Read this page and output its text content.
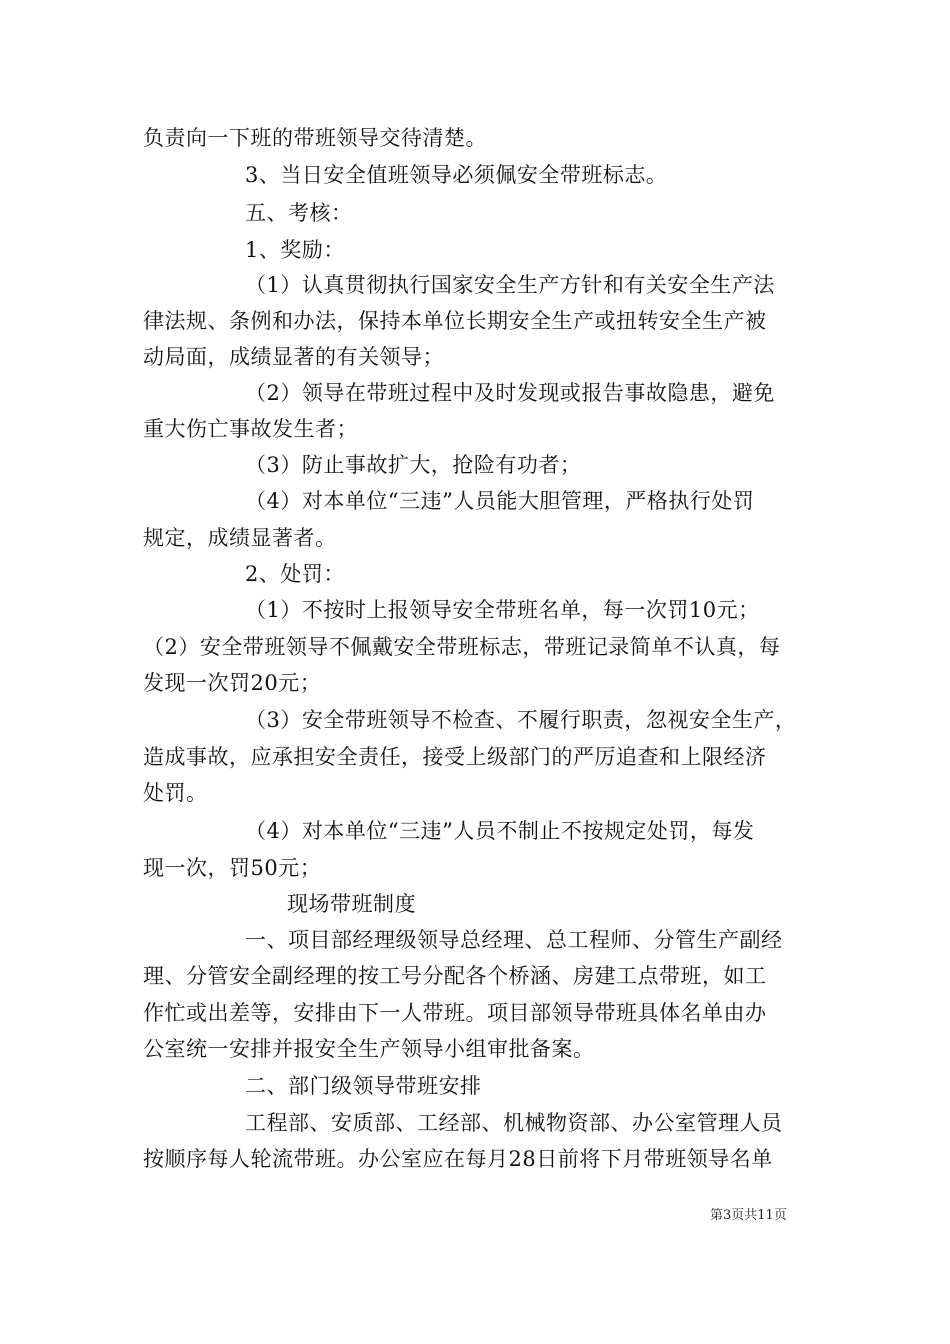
负责向一下班的带班领导交待清楚。
3、当日安全值班领导必须佩安全带班标志。
五、考核：
1、奖励：
（1）认真贯彻执行国家安全生产方针和有关安全生产法
律法规、条例和办法，保持本单位长期安全生产或扭转安全生产被
动局面，成绩显著的有关领导；
（2）领导在带班过程中及时发现或报告事故隐患，避免
重大伤亡事故发生者；
（3）防止事故扩大，抢险有功者；
（4）对本单位“三违”人员能大胆管理，严格执行处罚
规定，成绩显著者。
2、处罚：
（1）不按时上报领导安全带班名单，每一次罚10元；
（2）安全带班领导不佩戴安全带班标志，带班记录简单不认真，每
发现一次罚20元；
（3）安全带班领导不检查、不履行职责，忽视安全生产，
造成事故，应承担安全责任，接受上级部门的严厉追查和上限经济
处罚。
（4）对本单位“三违”人员不制止不按规定处罚，每发
现一次，罚50元；
现场带班制度
一、项目部经理级领导总经理、总工程师、分管生产副经
理、分管安全副经理的按工号分配各个桥涵、房建工点带班，如工
作忙或出差等，安排由下一人带班。项目部领导带班具体名单由办
公室统一安排并报安全生产领导小组审批备案。
二、部门级领导带班安排
工程部、安质部、工经部、机械物资部、办公室管理人员
按顺序每人轮流带班。办公室应在每月28日前将下月带班领导名单
第3页共11页
